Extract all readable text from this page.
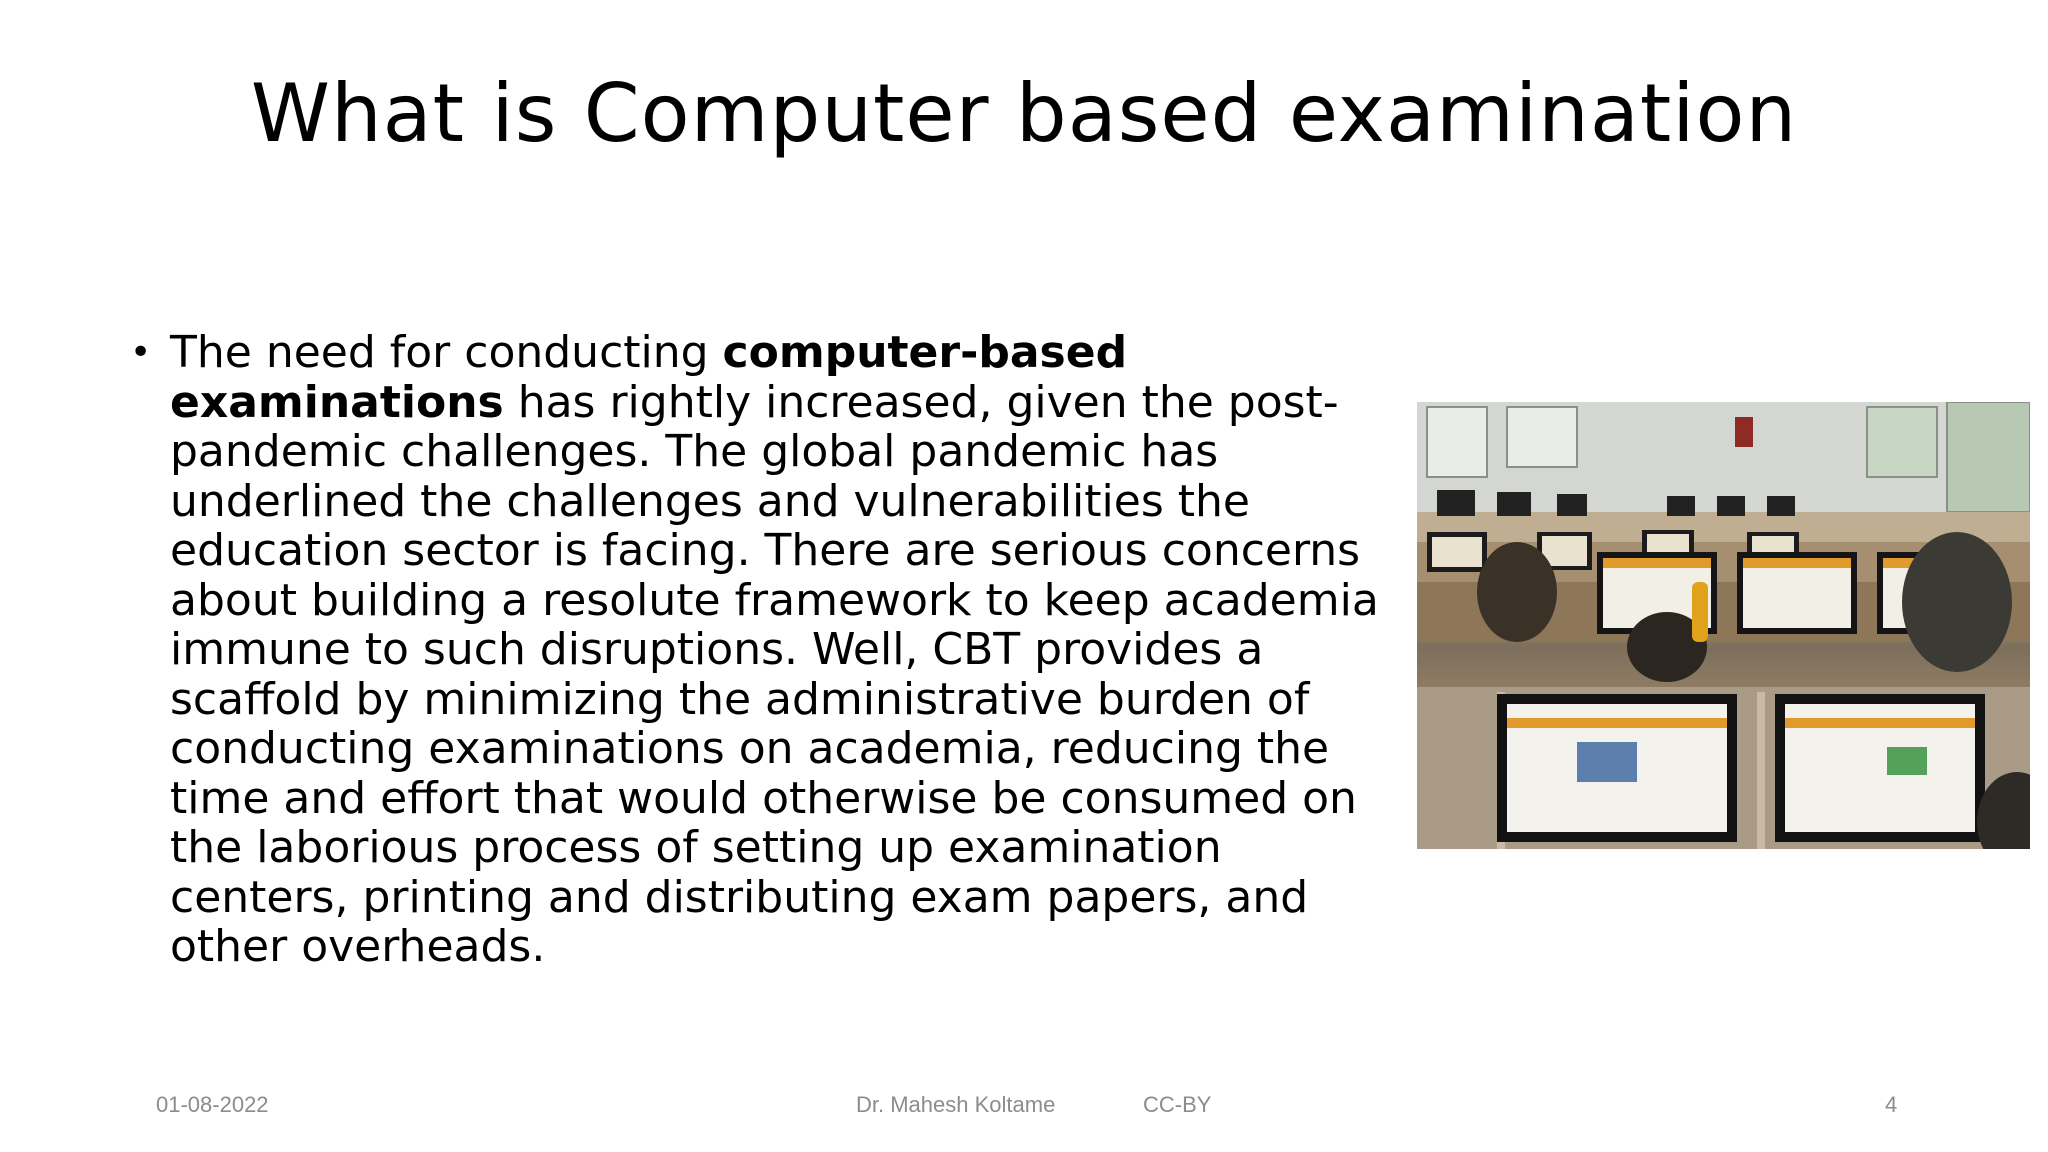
What is Computer based examination
• The need for conducting computer-based examinations has rightly increased, given the post-pandemic challenges. The global pandemic has underlined the challenges and vulnerabilities the education sector is facing. There are serious concerns about building a resolute framework to keep academia immune to such disruptions. Well, CBT provides a scaffold by minimizing the administrative burden of conducting examinations on academia, reducing the time and effort that would otherwise be consumed on the laborious process of setting up examination centers, printing and distributing exam papers, and other overheads.
01-08-2022	Dr. Mahesh Koltame	CC-BY	4
